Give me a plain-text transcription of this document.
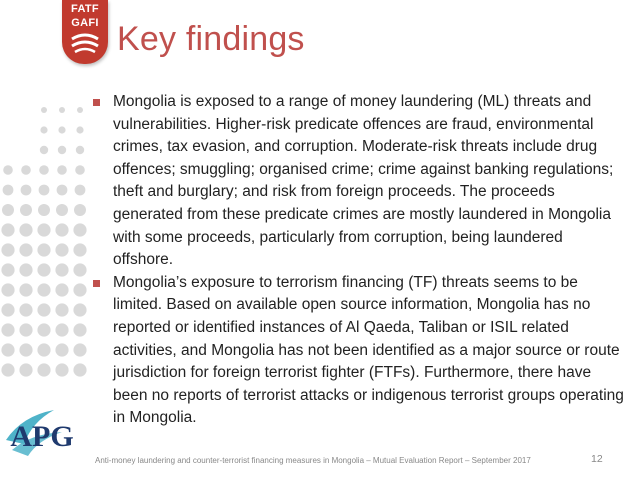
FATF
GAFI Key findings
Mongolia is exposed to a range of money laundering (ML) threats and vulnerabilities. Higher-risk predicate offences are fraud, environmental crimes, tax evasion, and corruption. Moderate-risk threats include drug offences; smuggling; organised crime; crime against banking regulations; theft and burglary; and risk from foreign proceeds. The proceeds generated from these predicate crimes are mostly laundered in Mongolia with some proceeds, particularly from corruption, being laundered offshore.
Mongolia’s exposure to terrorism financing (TF) threats seems to be limited. Based on available open source information, Mongolia has no reported or identified instances of Al Qaeda, Taliban or ISIL related activities, and Mongolia has not been identified as a major source or route jurisdiction for foreign terrorist fighter (FTFs). Furthermore, there have been no reports of terrorist attacks or indigenous terrorist groups operating in Mongolia.
APG
Anti-money laundering and counter-terrorist financing measures in Mongolia – Mutual Evaluation Report – September 2017	12
